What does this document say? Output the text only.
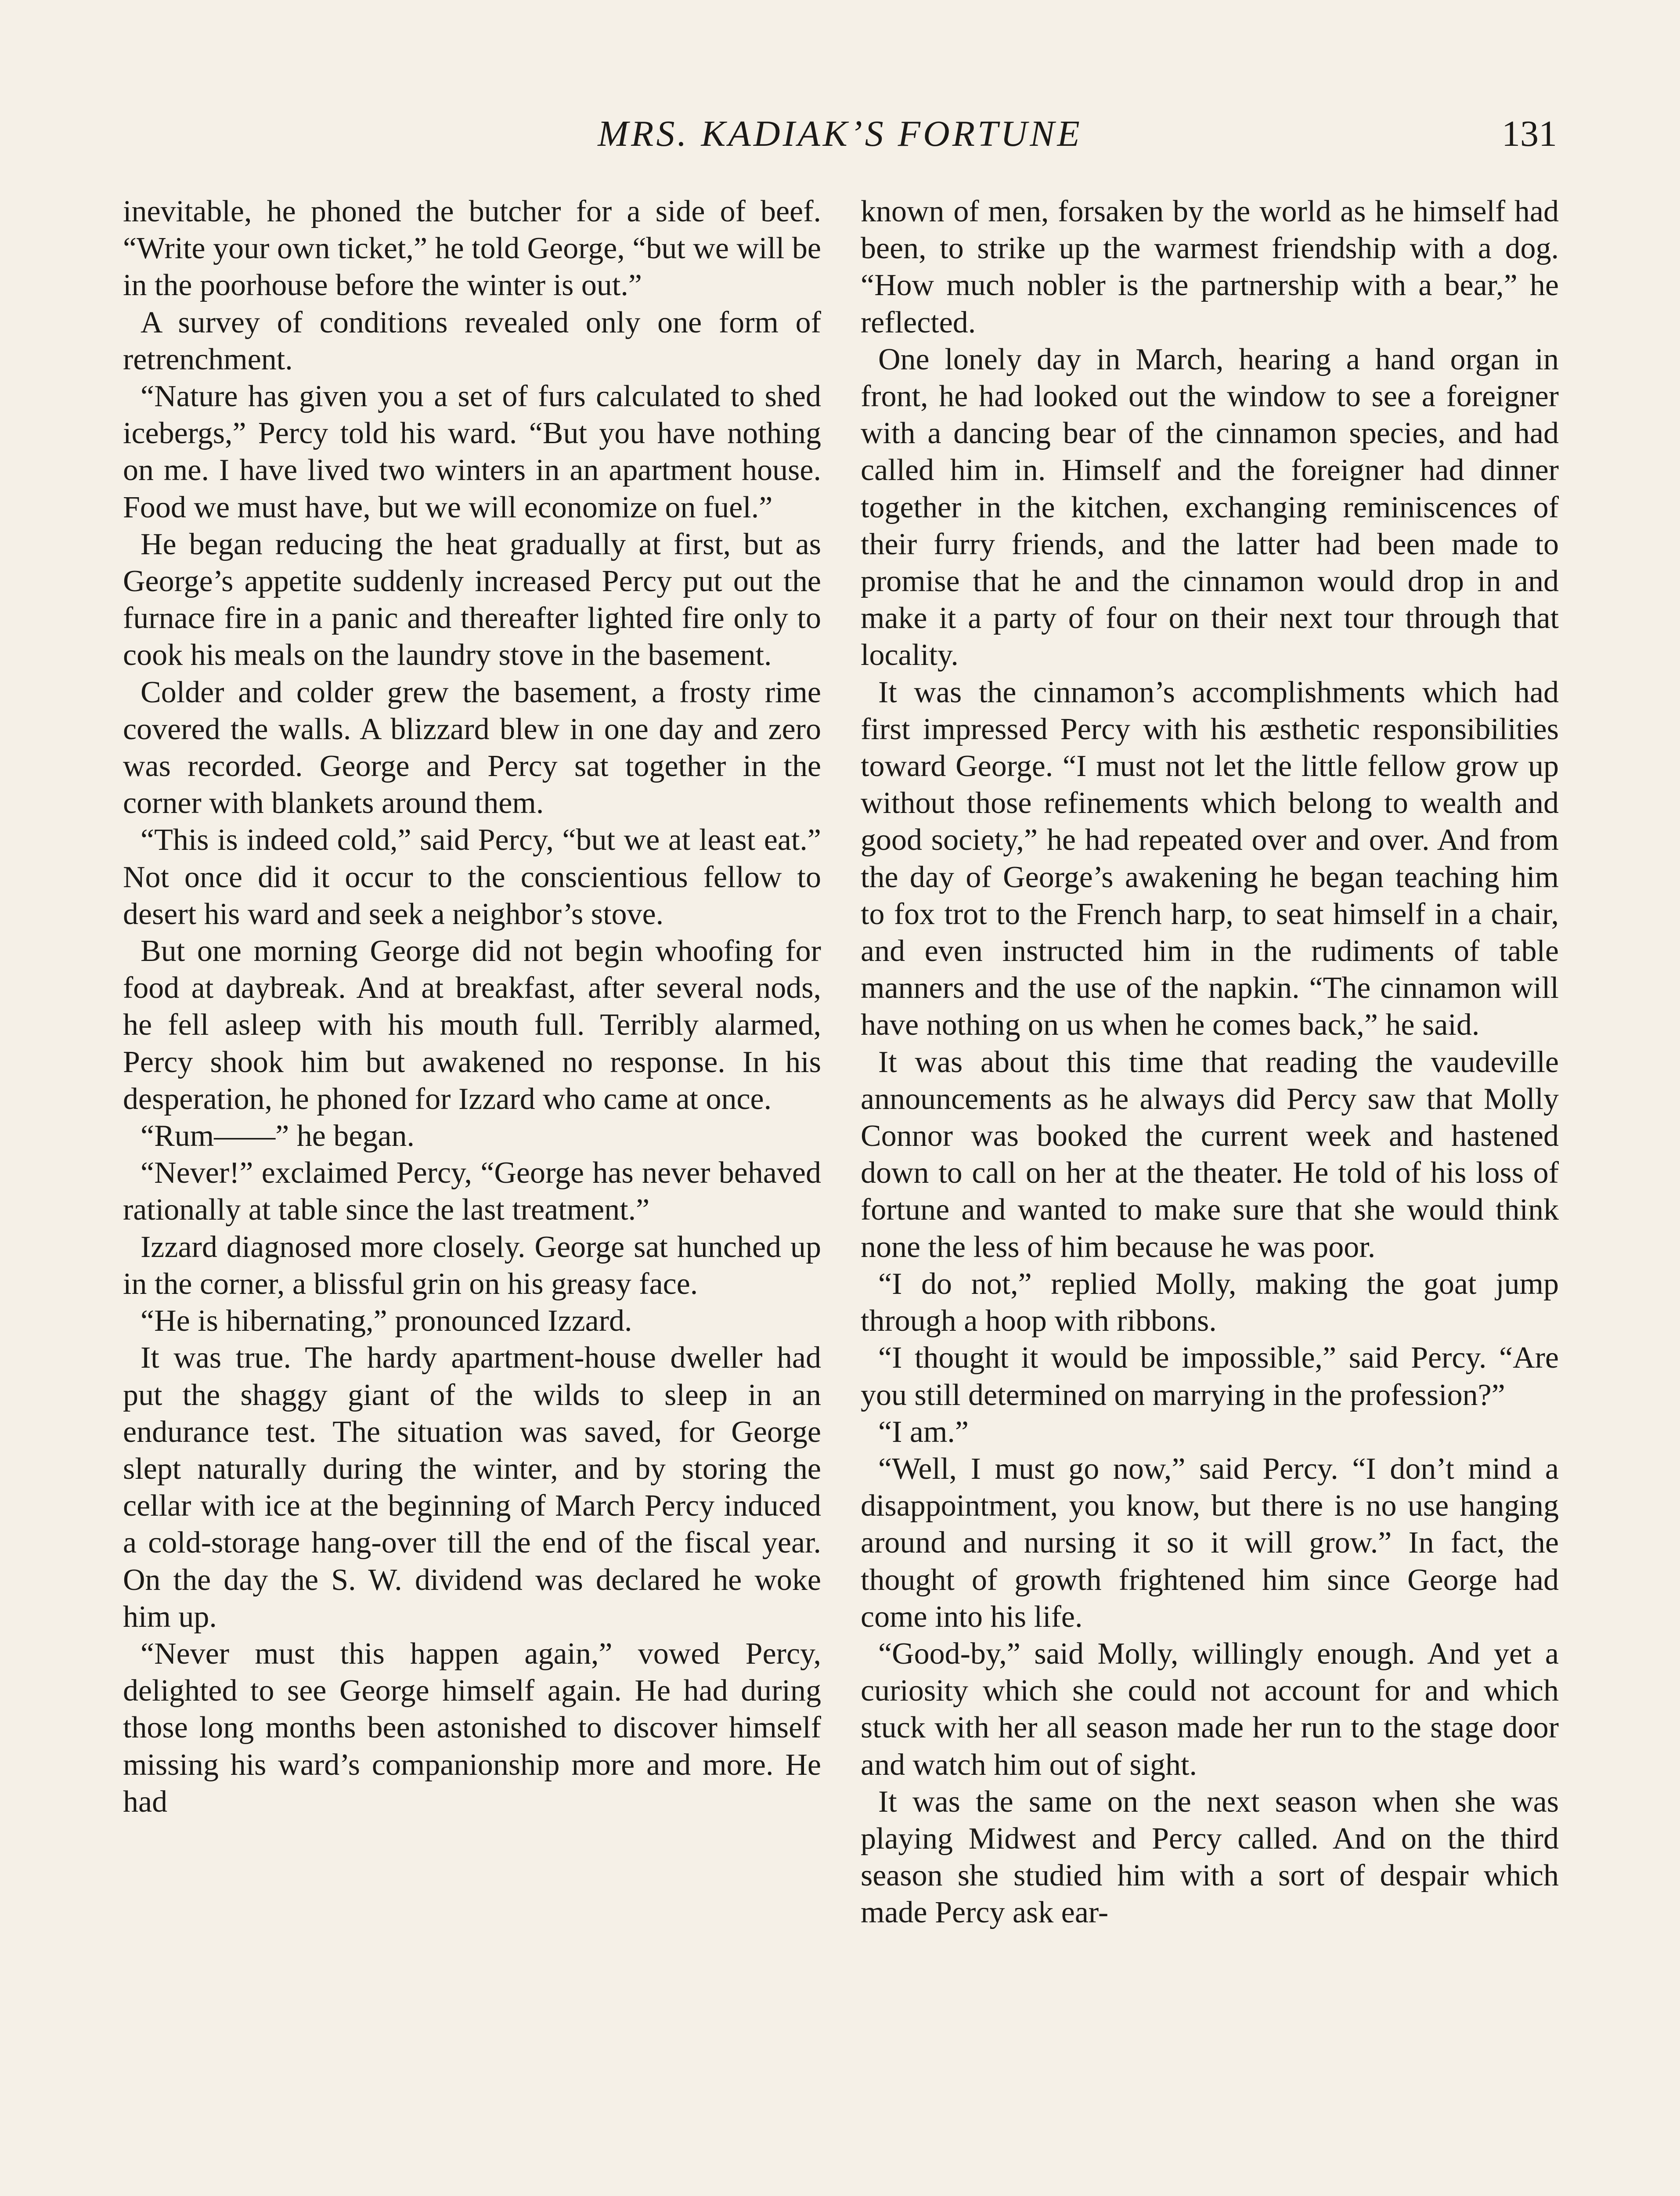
MRS. KADIAK’S FORTUNE	131

inevitable, he phoned the butcher for a side of beef. “Write your own ticket,” he told George, “but we will be in the poorhouse before the winter is out.”

A survey of conditions revealed only one form of retrenchment.

“Nature has given you a set of furs calculated to shed icebergs,” Percy told his ward. “But you have nothing on me. I have lived two winters in an apartment house. Food we must have, but we will economize on fuel.”

He began reducing the heat gradually at first, but as George’s appetite suddenly increased Percy put out the furnace fire in a panic and thereafter lighted fire only to cook his meals on the laundry stove in the basement.

Colder and colder grew the basement, a frosty rime covered the walls. A blizzard blew in one day and zero was recorded. George and Percy sat together in the corner with blankets around them.

“This is indeed cold,” said Percy, “but we at least eat.” Not once did it occur to the conscientious fellow to desert his ward and seek a neighbor’s stove.

But one morning George did not begin whoofing for food at daybreak. And at breakfast, after several nods, he fell asleep with his mouth full. Terribly alarmed, Percy shook him but awakened no response. In his desperation, he phoned for Izzard who came at once.

“Rum——” he began.

“Never!” exclaimed Percy, “George has never behaved rationally at table since the last treatment.”

Izzard diagnosed more closely. George sat hunched up in the corner, a blissful grin on his greasy face.

“He is hibernating,” pronounced Izzard.

It was true. The hardy apartment-house dweller had put the shaggy giant of the wilds to sleep in an endurance test. The situation was saved, for George slept naturally during the winter, and by storing the cellar with ice at the beginning of March Percy induced a cold-storage hang-over till the end of the fiscal year. On the day the S. W. dividend was declared he woke him up.

“Never must this happen again,” vowed Percy, delighted to see George himself again. He had during those long months been astonished to discover himself missing his ward’s companionship more and more. He had

known of men, forsaken by the world as he himself had been, to strike up the warmest friendship with a dog. “How much nobler is the partnership with a bear,” he reflected.

One lonely day in March, hearing a hand organ in front, he had looked out the window to see a foreigner with a dancing bear of the cinnamon species, and had called him in. Himself and the foreigner had dinner together in the kitchen, exchanging reminiscences of their furry friends, and the latter had been made to promise that he and the cinnamon would drop in and make it a party of four on their next tour through that locality.

It was the cinnamon’s accomplishments which had first impressed Percy with his æsthetic responsibilities toward George. “I must not let the little fellow grow up without those refinements which belong to wealth and good society,” he had repeated over and over. And from the day of George’s awakening he began teaching him to fox trot to the French harp, to seat himself in a chair, and even instructed him in the rudiments of table manners and the use of the napkin. “The cinnamon will have nothing on us when he comes back,” he said.

It was about this time that reading the vaudeville announcements as he always did Percy saw that Molly Connor was booked the current week and hastened down to call on her at the theater. He told of his loss of fortune and wanted to make sure that she would think none the less of him because he was poor.

“I do not,” replied Molly, making the goat jump through a hoop with ribbons.

“I thought it would be impossible,” said Percy. “Are you still determined on marrying in the profession?”

“I am.”

“Well, I must go now,” said Percy. “I don’t mind a disappointment, you know, but there is no use hanging around and nursing it so it will grow.” In fact, the thought of growth frightened him since George had come into his life.

“Good-by,” said Molly, willingly enough. And yet a curiosity which she could not account for and which stuck with her all season made her run to the stage door and watch him out of sight.

It was the same on the next season when she was playing Midwest and Percy called. And on the third season she studied him with a sort of despair which made Percy ask ear-
